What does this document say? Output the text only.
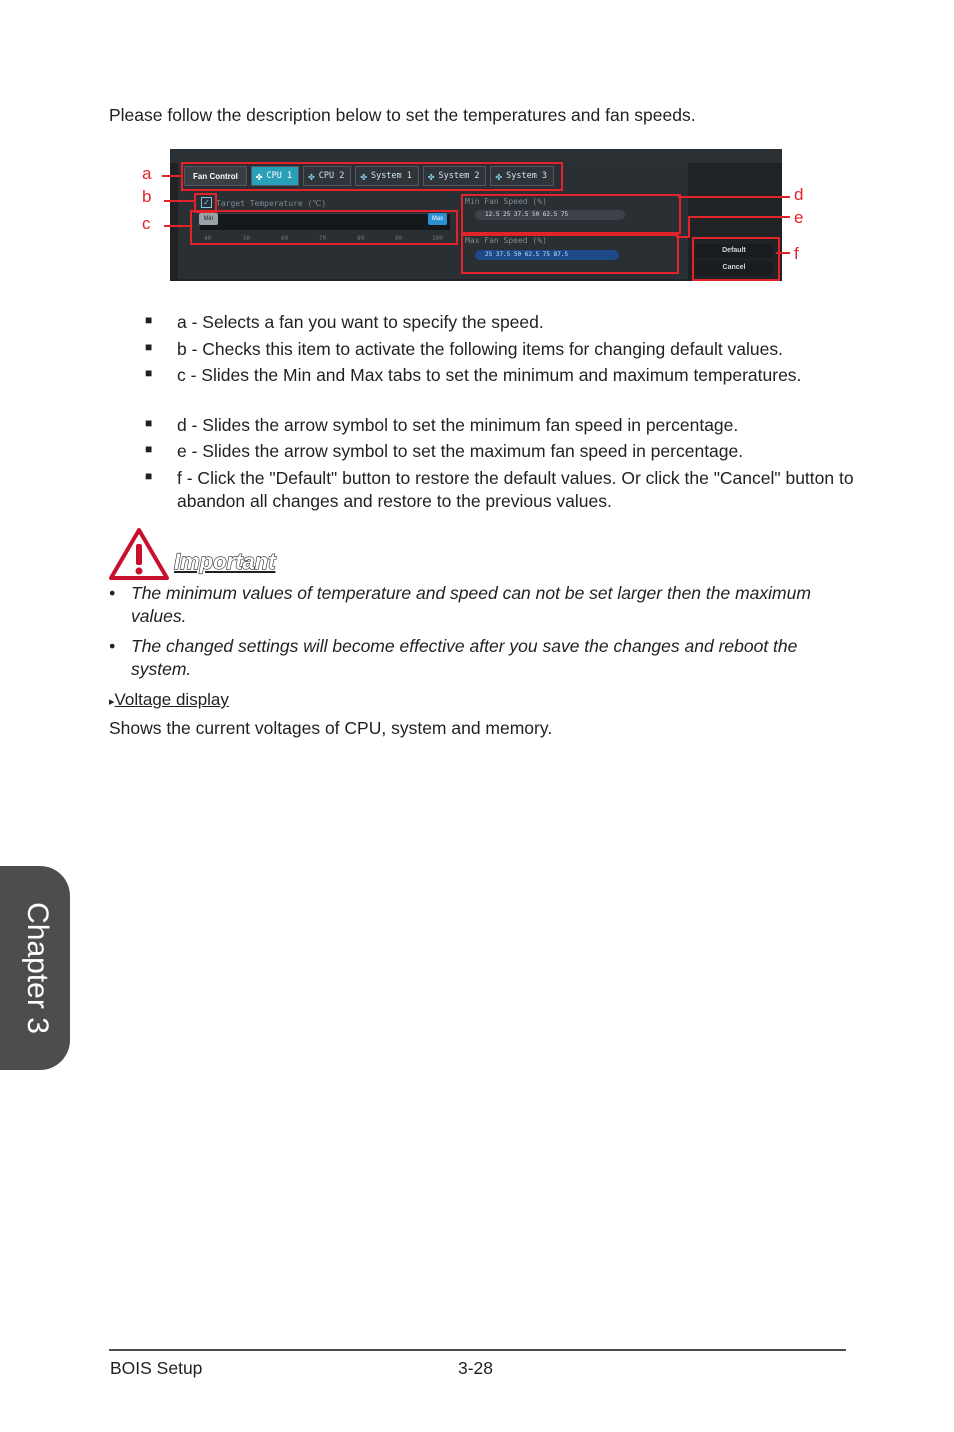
Please follow the description below to set the temperatures and fan speeds.
Fan Control	✤ CPU 1 ✤ CPU 2 ✤ System 1 ✤ System 2 ✤ System 3
✓ Target Temperature (℃)
Min	Max
40	50	60	70	80	90	100
Min Fan Speed (%)
12.5 25 37.5 50 62.5 75
Max Fan Speed (%)
25 37.5 50 62.5 75 87.5
Default
Cancel
a
b
c
d
e
f
■ a - Selects a fan you want to specify the speed.
■ b - Checks this item to activate the following items for changing default values.
■ c - Slides the Min and Max tabs to set the minimum and maximum temperatures.
■ d - Slides the arrow symbol to set the minimum fan speed in percentage.
■ e - Slides the arrow symbol to set the maximum fan speed in percentage.
■ f - Click the "Default" button to restore the default values. Or click the "Cancel" button to abandon all changes and restore to the previous values.
Important
• The minimum values of temperature and speed can not be set larger then the maximum values.
• The changed settings will become effective after you save the changes and reboot the system.
▸Voltage display
Shows the current voltages of CPU, system and memory.
Chapter 3
BOIS Setup	3-28
